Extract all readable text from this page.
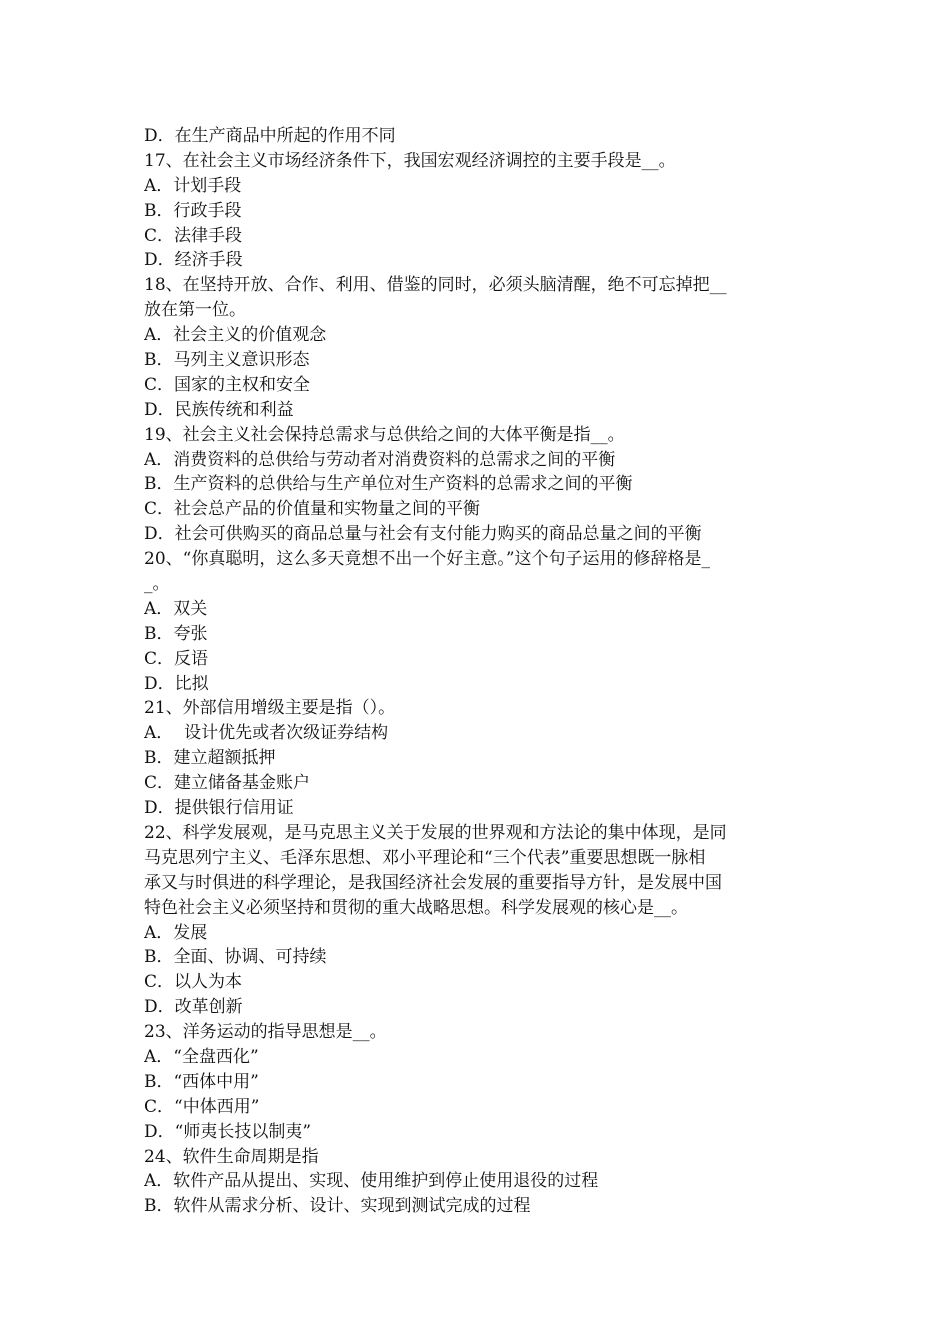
D．在生产商品中所起的作用不同
17、在社会主义市场经济条件下，我国宏观经济调控的主要手段是__。
A．计划手段
B．行政手段
C．法律手段
D．经济手段
18、在坚持开放、合作、利用、借鉴的同时，必须头脑清醒，绝不可忘掉把__
放在第一位。
A．社会主义的价值观念
B．马列主义意识形态
C．国家的主权和安全
D．民族传统和利益
19、社会主义社会保持总需求与总供给之间的大体平衡是指__。
A．消费资料的总供给与劳动者对消费资料的总需求之间的平衡
B．生产资料的总供给与生产单位对生产资料的总需求之间的平衡
C．社会总产品的价值量和实物量之间的平衡
D．社会可供购买的商品总量与社会有支付能力购买的商品总量之间的平衡
20、“你真聪明，这么多天竟想不出一个好主意。”这个句子运用的修辞格是_
_。
A．双关
B．夸张
C．反语
D．比拟
21、外部信用增级主要是指（）。
A．  设计优先或者次级证券结构
B．建立超额抵押
C．建立储备基金账户
D．提供银行信用证
22、科学发展观，是马克思主义关于发展的世界观和方法论的集中体现，是同
马克思列宁主义、毛泽东思想、邓小平理论和“三个代表”重要思想既一脉相
承又与时俱进的科学理论，是我国经济社会发展的重要指导方针，是发展中国
特色社会主义必须坚持和贯彻的重大战略思想。科学发展观的核心是__。
A．发展
B．全面、协调、可持续
C．以人为本
D．改革创新
23、洋务运动的指导思想是__。
A．“全盘西化”
B．“西体中用”
C．“中体西用”
D．“师夷长技以制夷”
24、软件生命周期是指
A．软件产品从提出、实现、使用维护到停止使用退役的过程
B．软件从需求分析、设计、实现到测试完成的过程
